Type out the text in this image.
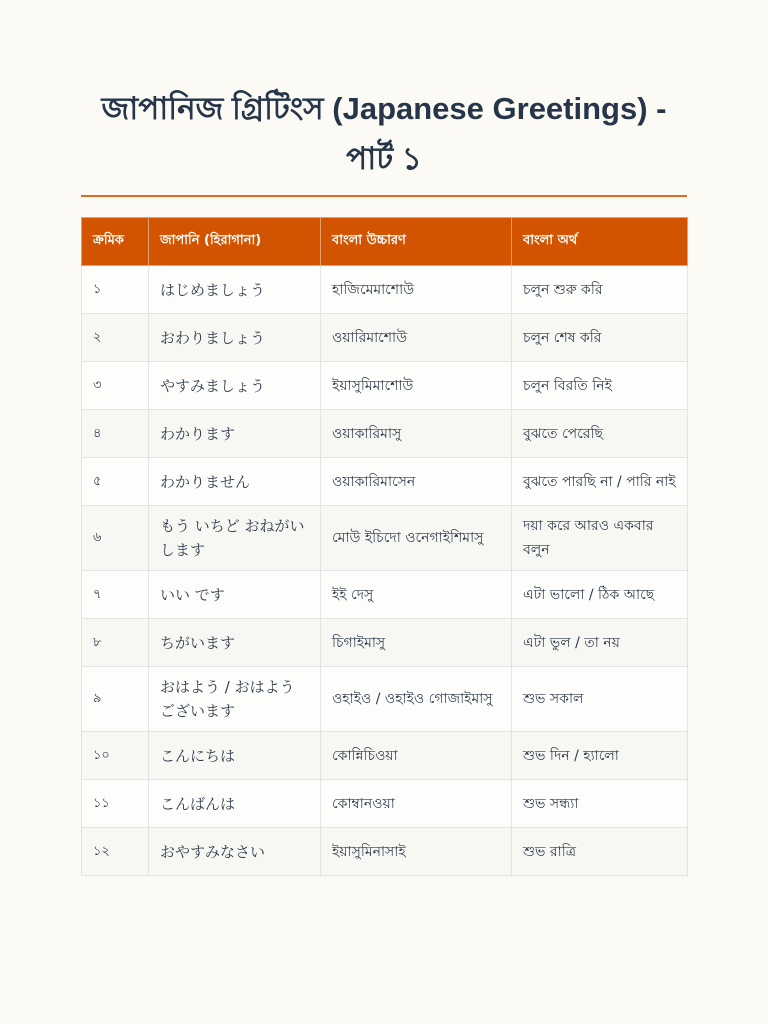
জাপানিজ গ্রিটিংস (Japanese Greetings) - পার্ট ১
ক্রমিক	জাপানি (হিরাগানা)	বাংলা উচ্চারণ	বাংলা অর্থ
১	はじめましょう	হাজিমেমাশোউ	চলুন শুরু করি
২	おわりましょう	ওয়ারিমাশোউ	চলুন শেষ করি
৩	やすみましょう	ইয়াসুমিমাশোউ	চলুন বিরতি নিই
৪	わかります	ওয়াকারিমাসু	বুঝতে পেরেছি
৫	わかりません	ওয়াকারিমাসেন	বুঝতে পারছি না / পারি নাই
৬	もう いちど おねがいします	মোউ ইচিদো ওনেগাইশিমাসু	দয়া করে আরও একবার বলুন
৭	いい です	ইই দেসু	এটা ভালো / ঠিক আছে
৮	ちがいます	চিগাইমাসু	এটা ভুল / তা নয়
৯	おはよう / おはようございます	ওহাইও / ওহাইও গোজাইমাসু	শুভ সকাল
১০	こんにちは	কোন্নিচিওয়া	শুভ দিন / হ্যালো
১১	こんばんは	কোম্বানওয়া	শুভ সন্ধ্যা
১২	おやすみなさい	ইয়াসুমিনাসাই	শুভ রাত্রি
